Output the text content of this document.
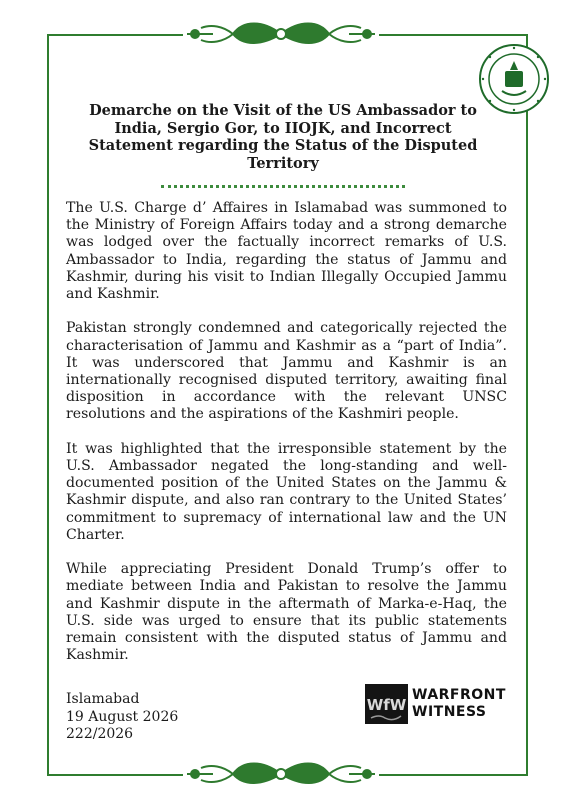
Demarche on the Visit of the US Ambassador to India, Sergio Gor, to IIOJK, and Incorrect Statement regarding the Status of the Disputed Territory

The U.S. Charge d’ Affaires in Islamabad was summoned to the Ministry of Foreign Affairs today and a strong demarche was lodged over the factually incorrect remarks of U.S. Ambassador to India, regarding the status of Jammu and Kashmir, during his visit to Indian Illegally Occupied Jammu and Kashmir.

Pakistan strongly condemned and categorically rejected the characterisation of Jammu and Kashmir as a “part of India”. It was underscored that Jammu and Kashmir is an internationally recognised disputed territory, awaiting final disposition in accordance with the relevant UNSC resolutions and the aspirations of the Kashmiri people.

It was highlighted that the irresponsible statement by the U.S. Ambassador negated the long-standing and well-documented position of the United States on the Jammu & Kashmir dispute, and also ran contrary to the United States’ commitment to supremacy of international law and the UN Charter.

While appreciating President Donald Trump’s offer to mediate between India and Pakistan to resolve the Jammu and Kashmir dispute in the aftermath of Marka-e-Haq, the U.S. side was urged to ensure that its public statements remain consistent with the disputed status of Jammu and Kashmir.

Islamabad
19 August 2026
222/2026
WfW
WARFRONT
WITNESS
